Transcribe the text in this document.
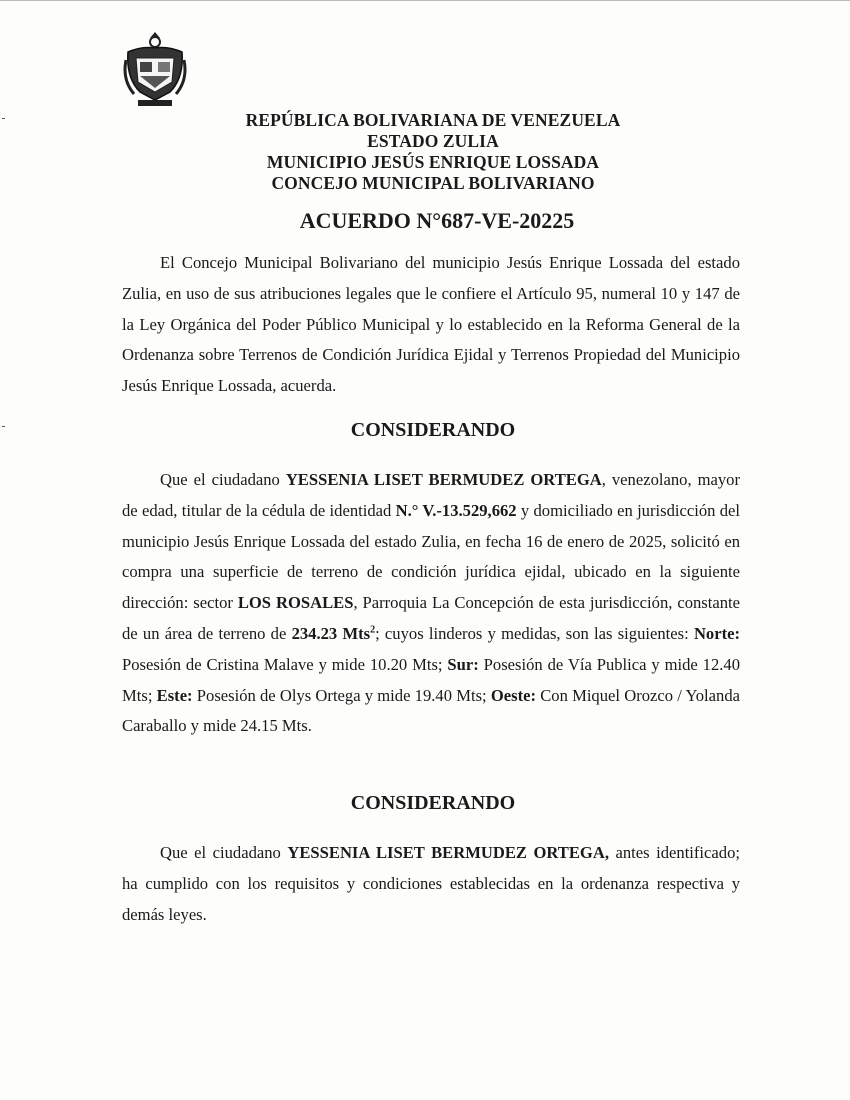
REPÚBLICA BOLIVARIANA DE VENEZUELA
ESTADO ZULIA
MUNICIPIO JESÚS ENRIQUE LOSSADA
CONCEJO MUNICIPAL BOLIVARIANO
ACUERDO N°687-VE-20225

El Concejo Municipal Bolivariano del municipio Jesús Enrique Lossada del estado Zulia, en uso de sus atribuciones legales que le confiere el Artículo 95, numeral 10 y 147 de la Ley Orgánica del Poder Público Municipal y lo establecido en la Reforma General de la Ordenanza sobre Terrenos de Condición Jurídica Ejidal y Terrenos Propiedad del Municipio Jesús Enrique Lossada, acuerda.

CONSIDERANDO

Que el ciudadano YESSENIA LISET BERMUDEZ ORTEGA, venezolano, mayor de edad, titular de la cédula de identidad N.° V.-13.529,662 y domiciliado en jurisdicción del municipio Jesús Enrique Lossada del estado Zulia, en fecha 16 de enero de 2025, solicitó en compra una superficie de terreno de condición jurídica ejidal, ubicado en la siguiente dirección: sector LOS ROSALES, Parroquia La Concepción de esta jurisdicción, constante de un área de terreno de 234.23 Mts$^2$; cuyos linderos y medidas, son las siguientes: Norte: Posesión de Cristina Malave y mide 10.20 Mts; Sur: Posesión de Vía Publica y mide 12.40 Mts; Este: Posesión de Olys Ortega y mide 19.40 Mts; Oeste: Con Miquel Orozco / Yolanda Caraballo y mide 24.15 Mts.

CONSIDERANDO

Que el ciudadano YESSENIA LISET BERMUDEZ ORTEGA, antes identificado; ha cumplido con los requisitos y condiciones establecidas en la ordenanza respectiva y demás leyes.
